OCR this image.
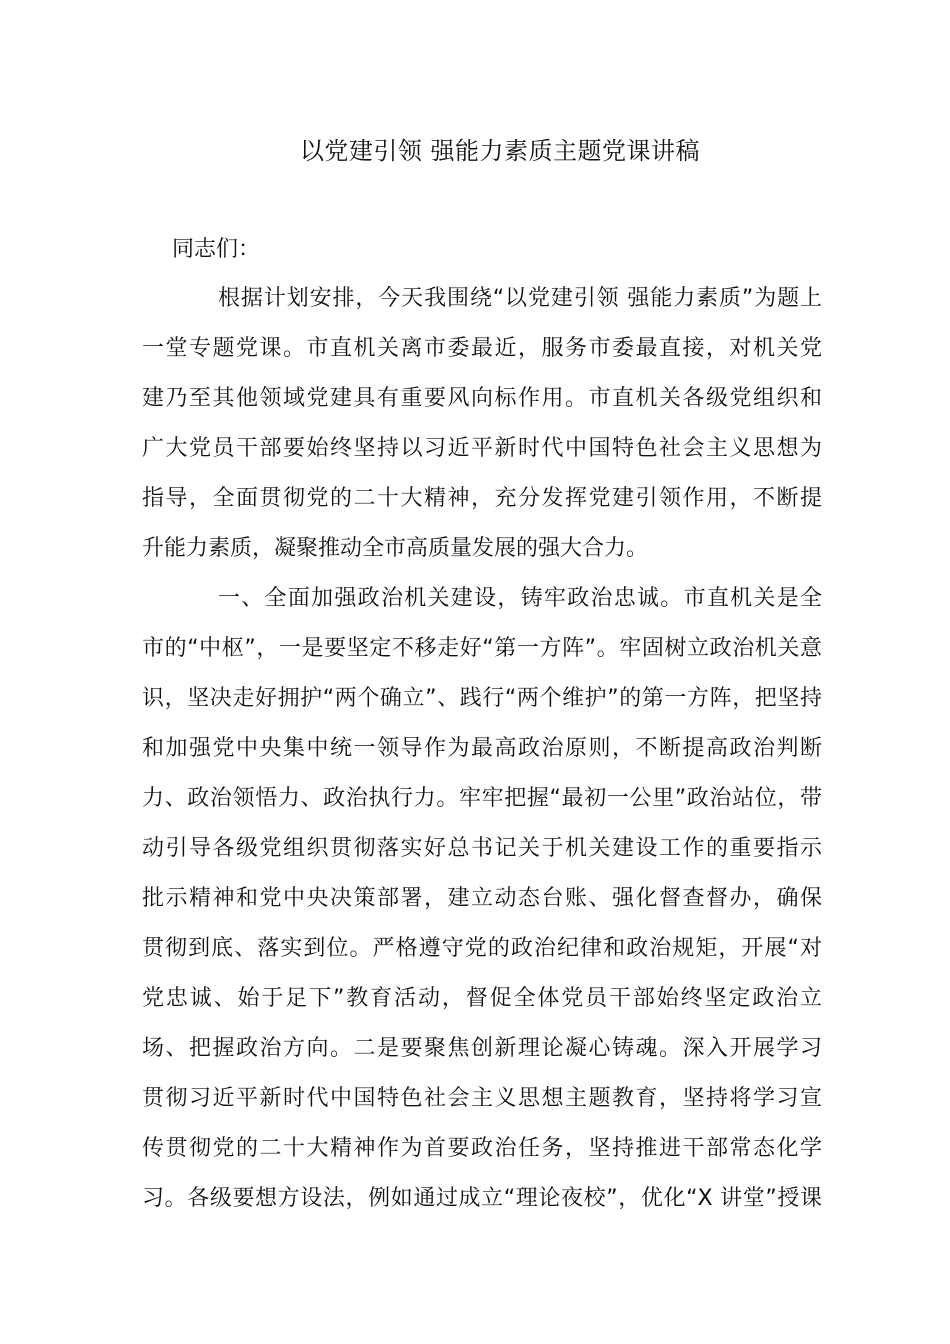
以党建引领 强能力素质主题党课讲稿
同志们：
根据计划安排，今天我围绕“以党建引领 强能力素质”为题上
一堂专题党课。市直机关离市委最近，服务市委最直接，对机关党
建乃至其他领域党建具有重要风向标作用。市直机关各级党组织和
广大党员干部要始终坚持以习近平新时代中国特色社会主义思想为
指导，全面贯彻党的二十大精神，充分发挥党建引领作用，不断提
升能力素质，凝聚推动全市高质量发展的强大合力。
一、全面加强政治机关建设，铸牢政治忠诚。市直机关是全
市的“中枢”，一是要坚定不移走好“第一方阵”。牢固树立政治机关意
识，坚决走好拥护“两个确立”、践行“两个维护”的第一方阵，把坚持
和加强党中央集中统一领导作为最高政治原则，不断提高政治判断
力、政治领悟力、政治执行力。牢牢把握“最初一公里”政治站位，带
动引导各级党组织贯彻落实好总书记关于机关建设工作的重要指示
批示精神和党中央决策部署，建立动态台账、强化督查督办，确保
贯彻到底、落实到位。严格遵守党的政治纪律和政治规矩，开展“对
党忠诚、始于足下”教育活动，督促全体党员干部始终坚定政治立
场、把握政治方向。二是要聚焦创新理论凝心铸魂。深入开展学习
贯彻习近平新时代中国特色社会主义思想主题教育，坚持将学习宣
传贯彻党的二十大精神作为首要政治任务，坚持推进干部常态化学
习。各级要想方设法，例如通过成立“理论夜校”，优化“X 讲堂”授课
